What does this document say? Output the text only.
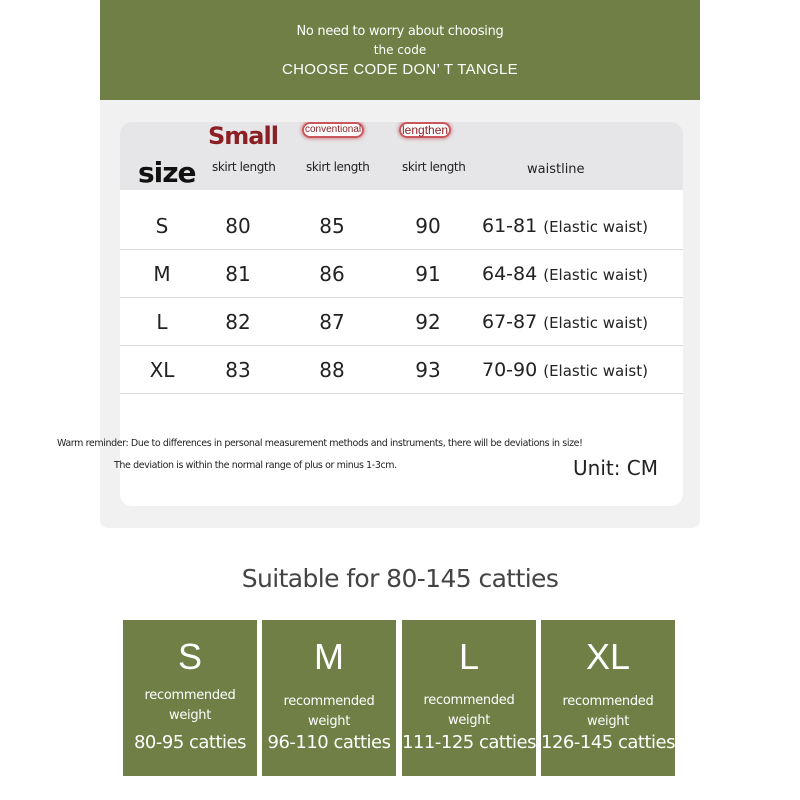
No need to worry about choosing
the code
CHOOSE CODE DON’ T TANGLE
size
Small	conventional	lengthen
skirt length	skirt length	skirt length	waistline
S	80	85	90	61-81 (Elastic waist)
M	81	86	91	64-84 (Elastic waist)
L	82	87	92	67-87 (Elastic waist)
XL	83	88	93	70-90 (Elastic waist)
Warm reminder: Due to differences in personal measurement methods and instruments, there will be deviations in size!
The deviation is within the normal range of plus or minus 1-3cm.	Unit: CM
Suitable for 80-145 catties
S
recommended weight
80-95 catties
M
recommended weight
96-110 catties
L
recommended weight
111-125 catties
XL
recommended weight
126-145 catties
